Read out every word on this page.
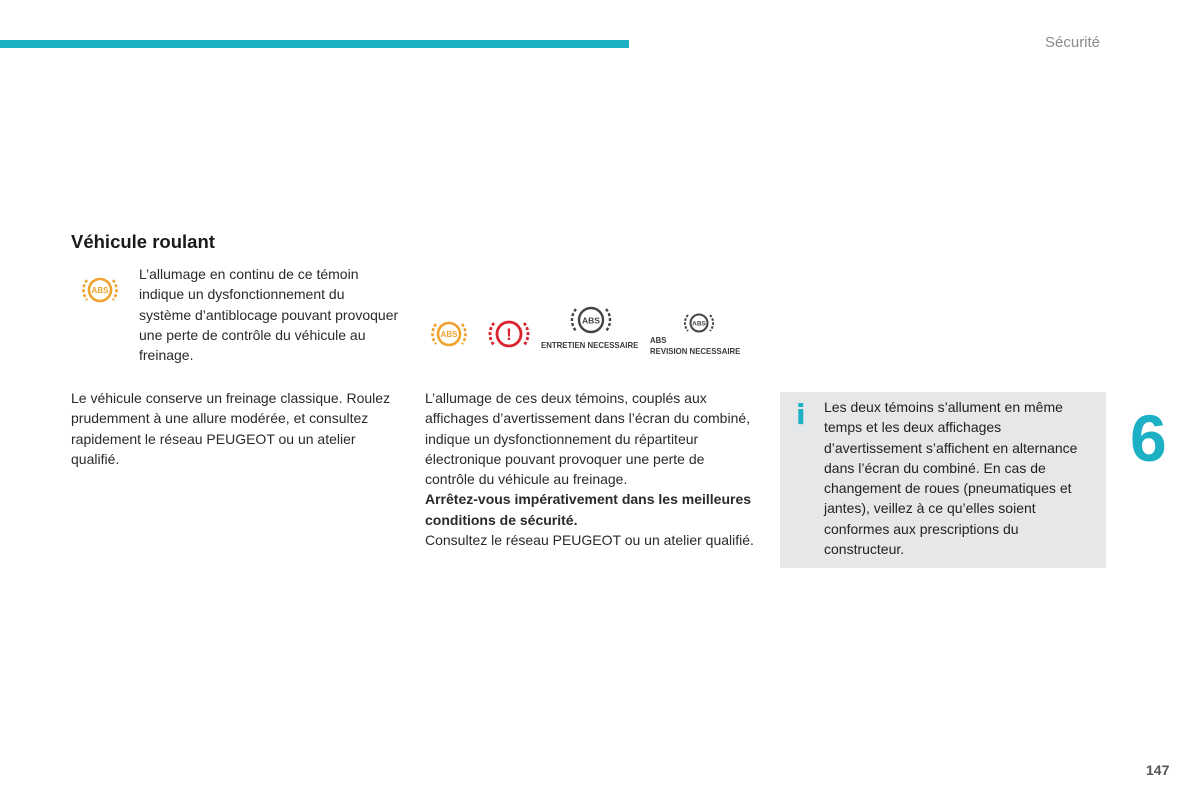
Sécurité
Véhicule roulant
ABS
L’allumage en continu de ce témoin indique un dysfonctionnement du système d’antiblocage pouvant provoquer une perte de contrôle du véhicule au freinage.
ABS	!
ABS
ENTRETIEN NECESSAIRE
ABS
ABS
REVISION NECESSAIRE
Le véhicule conserve un freinage classique. Roulez prudemment à une allure modérée, et consultez rapidement le réseau PEUGEOT ou un atelier qualifié.

L’allumage de ces deux témoins, couplés aux affichages d’avertissement dans l’écran du combiné, indique un dysfonctionnement du répartiteur électronique pouvant provoquer une perte de contrôle du véhicule au freinage.

Arrêtez-vous impérativement dans les meilleures conditions de sécurité.

Consultez le réseau PEUGEOT ou un atelier qualifié.

i Les deux témoins s’allument en même temps et les deux affichages d’avertissement s’affichent en alternance dans l’écran du combiné. En cas de changement de roues (pneumatiques et jantes), veillez à ce qu’elles soient conformes aux prescriptions du constructeur.
6
147
